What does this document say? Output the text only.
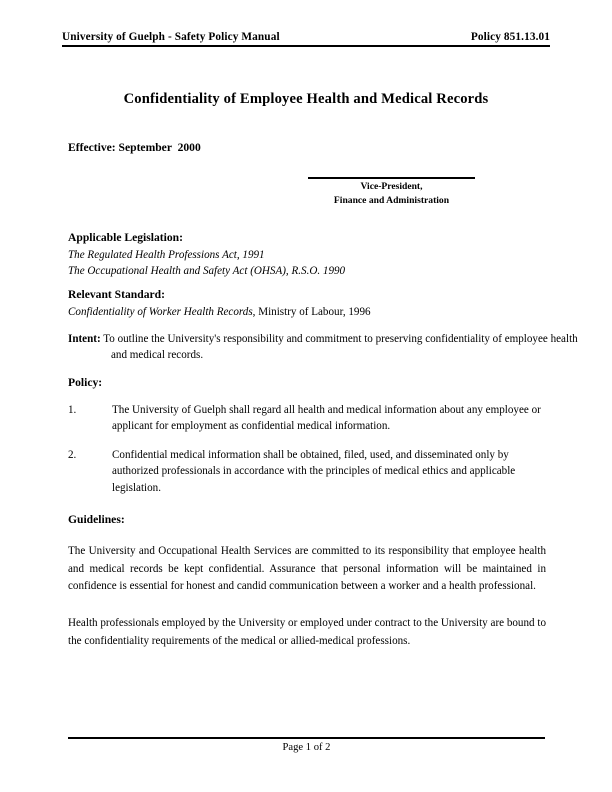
University of Guelph - Safety Policy Manual	Policy 851.13.01
Confidentiality of Employee Health and Medical Records
Effective: September  2000
Vice-President,
Finance and Administration
Applicable Legislation:
The Regulated Health Professions Act, 1991
The Occupational Health and Safety Act (OHSA), R.S.O. 1990
Relevant Standard:
Confidentiality of Worker Health Records, Ministry of Labour, 1996
Intent: To outline the University's responsibility and commitment to preserving confidentiality of employee health and medical records.
Policy:
1.	The University of Guelph shall regard all health and medical information about any employee or applicant for employment as confidential medical information.
2.	Confidential medical information shall be obtained, filed, used, and disseminated only by authorized professionals in accordance with the principles of medical ethics and applicable legislation.
Guidelines:
The University and Occupational Health Services are committed to its responsibility that employee health and medical records be kept confidential. Assurance that personal information will be maintained in confidence is essential for honest and candid communication between a worker and a health professional.
Health professionals employed by the University or employed under contract to the University are bound to the confidentiality requirements of the medical or allied-medical professions.
Page 1 of 2
